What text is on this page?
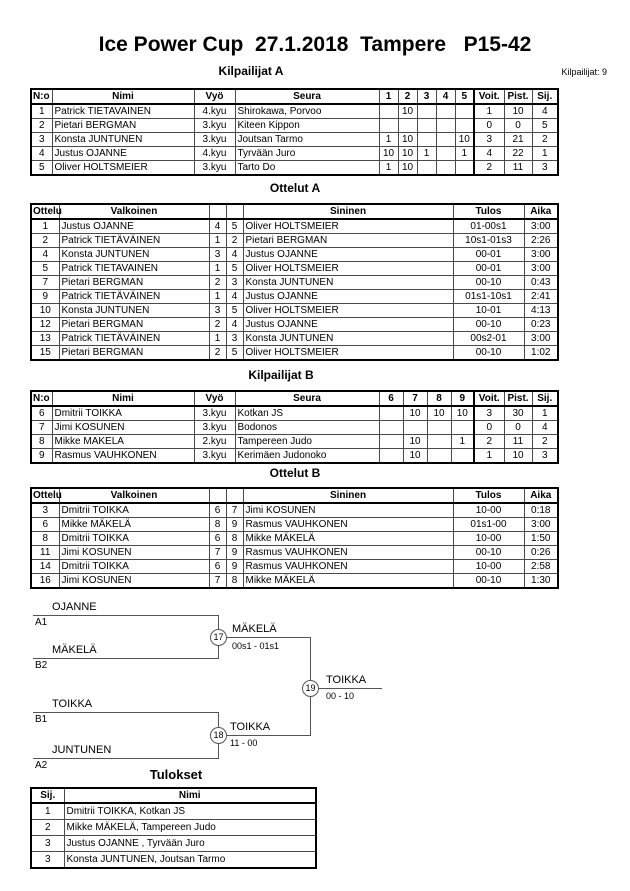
Ice Power Cup  27.1.2018  Tampere   P15-42
Kilpailijat: 9
Kilpailijat A
N:o	Nimi	Vyö	Seura	1	2	3	4	5	Voit.	Pist.	Sij.
1	Patrick TIETAVAINEN	4.kyu	Shirokawa, Porvoo		10				1	10	4
2	Pietari BERGMAN	3.kyu	Kiteen Kippon						0	0	5
3	Konsta JUNTUNEN	3.kyu	Joutsan Tarmo	1	10			10	3	21	2
4	Justus OJANNE	4.kyu	Tyrvään Juro	10	10	1		1	4	22	1
5	Oliver HOLTSMEIER	3.kyu	Tarto Do	1	10				2	11	3
Ottelut A
Ottelu	Valkoinen			Sininen	Tulos	Aika
1	Justus OJANNE	4	5	Oliver HOLTSMEIER	01-00s1	3:00
2	Patrick TIETÄVÄINEN	1	2	Pietari BERGMAN	10s1-01s3	2:26
4	Konsta JUNTUNEN	3	4	Justus OJANNE	00-01	3:00
5	Patrick TIETAVAINEN	1	5	Oliver HOLTSMEIER	00-01	3:00
7	Pietari BERGMAN	2	3	Konsta JUNTUNEN	00-10	0:43
9	Patrick TIETÄVÄINEN	1	4	Justus OJANNE	01s1-10s1	2:41
10	Konsta JUNTUNEN	3	5	Oliver HOLTSMEIER	10-01	4:13
12	Pietari BERGMAN	2	4	Justus OJANNE	00-10	0:23
13	Patrick TIETÄVÄINEN	1	3	Konsta JUNTUNEN	00s2-01	3:00
15	Pietari BERGMAN	2	5	Oliver HOLTSMEIER	00-10	1:02
Kilpailijat B
N:o	Nimi	Vyö	Seura	6	7	8	9	Voit.	Pist.	Sij.
6	Dmitrii TOIKKA	3.kyu	Kotkan JS		10	10	10	3	30	1
7	Jimi KOSUNEN	3.kyu	Bodonos					0	0	4
8	Mikke MAKELA	2.kyu	Tampereen Judo		10		1	2	11	2
9	Rasmus VAUHKONEN	3.kyu	Kerimäen Judonoko		10			1	10	3
Ottelut B
Ottelu	Valkoinen			Sininen	Tulos	Aika
3	Dmitrii TOIKKA	6	7	Jimi KOSUNEN	10-00	0:18
6	Mikke MÄKELÄ	8	9	Rasmus VAUHKONEN	01s1-00	3:00
8	Dmitrii TOIKKA	6	8	Mikke MÄKELÄ	10-00	1:50
11	Jimi KOSUNEN	7	9	Rasmus VAUHKONEN	00-10	0:26
14	Dmitrii TOIKKA	6	9	Rasmus VAUHKONEN	10-00	2:58
16	Jimi KOSUNEN	7	8	Mikke MÄKELÄ	00-10	1:30
OJANNE
A1
MÄKELÄ
B2
17
MÄKELÄ
00s1 - 01s1
TOIKKA
B1
JUNTUNEN
A2
18
TOIKKA
11 - 00
19
TOIKKA
00 - 10
Tulokset
Sij.	Nimi
1	Dmitrii TOIKKA, Kotkan JS
2	Mikke MÄKELÄ, Tampereen Judo
3	Justus OJANNE , Tyrvään Juro
3	Konsta JUNTUNEN, Joutsan Tarmo
